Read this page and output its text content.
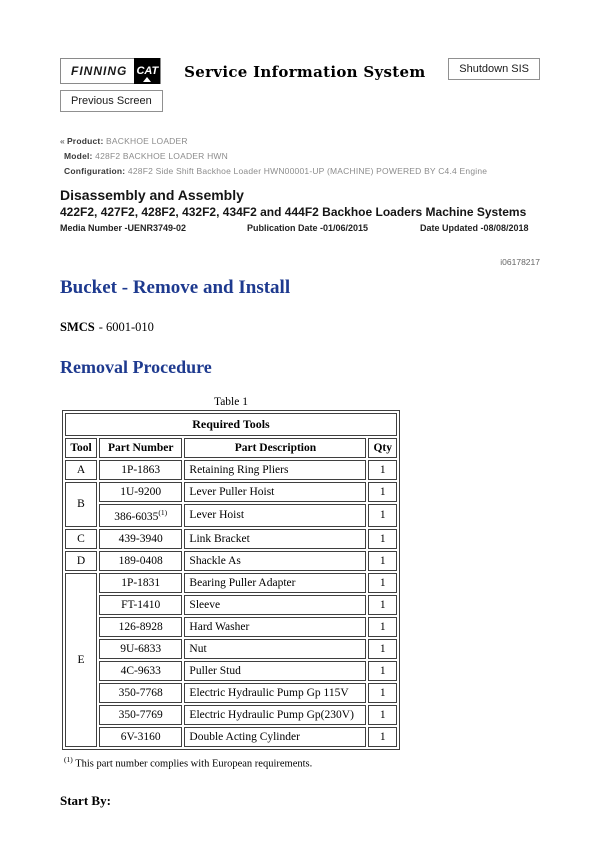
FINNING CAT	Service Information System	Shutdown SIS
Previous Screen
« Product: BACKHOE LOADER
Model: 428F2 BACKHOE LOADER HWN
Configuration: 428F2 Side Shift Backhoe Loader HWN00001-UP (MACHINE) POWERED BY C4.4 Engine
Disassembly and Assembly
422F2, 427F2, 428F2, 432F2, 434F2 and 444F2 Backhoe Loaders Machine Systems
Media Number -UENR3749-02	Publication Date -01/06/2015	Date Updated -08/08/2018
i06178217
Bucket - Remove and Install
SMCS - 6001-010
Removal Procedure
Table 1
Required Tools			
Tool	Part Number	Part Description	Qty
A	1P-1863	Retaining Ring Pliers	1
B	1U-9200	Lever Puller Hoist	1
	386-6035$^{(1)}$	Lever Hoist	1
C	439-3940	Link Bracket	1
D	189-0408	Shackle As	1
E	1P-1831	Bearing Puller Adapter	1
	FT-1410	Sleeve	1
	126-8928	Hard Washer	1
	9U-6833	Nut	1
	4C-9633	Puller Stud	1
	350-7768	Electric Hydraulic Pump Gp 115V	1
	350-7769	Electric Hydraulic Pump Gp(230V)	1
	6V-3160	Double Acting Cylinder	1
$^{(1)}$ This part number complies with European requirements.
Start By:
